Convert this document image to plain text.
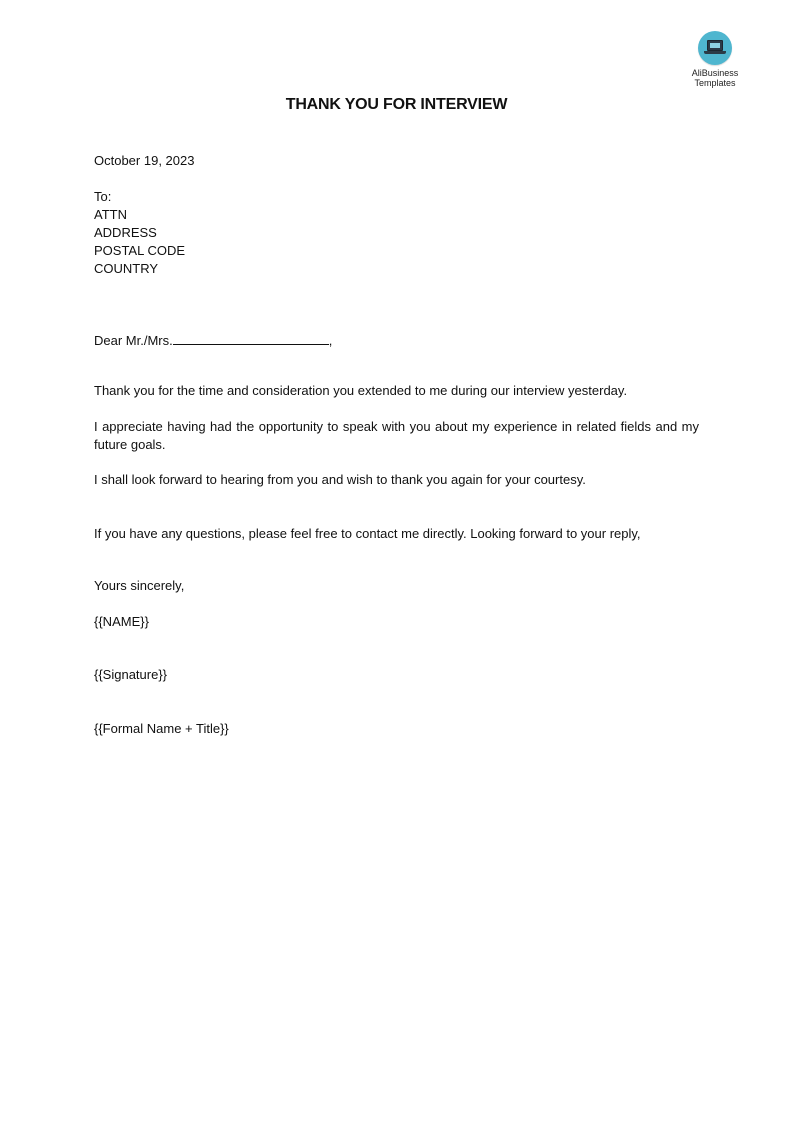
AliBusiness
Templates
THANK YOU FOR INTERVIEW
October 19, 2023
To:
ATTN
ADDRESS
POSTAL CODE
COUNTRY
Dear Mr./Mrs.	,
Thank you for the time and consideration you extended to me during our interview yesterday.
I appreciate having had the opportunity to speak with you about my experience in related fields and my future goals.
I shall look forward to hearing from you and wish to thank you again for your courtesy.
If you have any questions, please feel free to contact me directly. Looking forward to your reply,
Yours sincerely,
{{NAME}}
{{Signature}}
{{Formal Name + Title}}
